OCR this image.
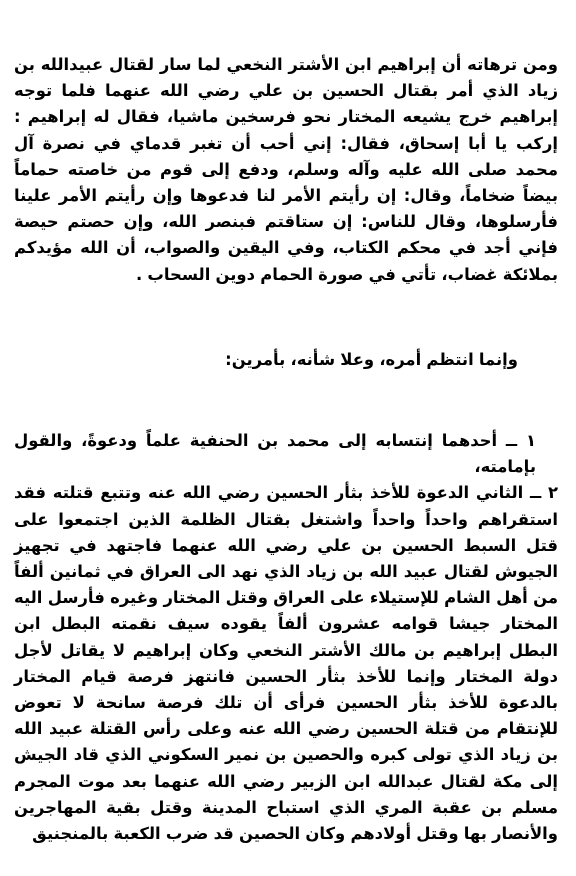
ومن ترهاته أن إبراهيم ابن الأشتر النخعي لما سار لقتال عبيدالله بن زياد الذي أمر بقتال الحسين بن علي رضي الله عنهما فلما توجه إبراهيم خرج يشيعه المختار نحو فرسخين ماشيا، فقال له إبراهيم : إركب يا أبا إسحاق، فقال: إني أحب أن تغبر قدماي في نصرة آل محمد صلى الله عليه وآله وسلم، ودفع إلى قوم من خاصته حماماً بيضاً ضخاماً، وقال: إن رأيتم الأمر لنا فدعوها وإن رأيتم الأمر علينا فأرسلوها، وقال للناس: إن ستاقتم فبنصر الله، وإن حصتم حيصة فإني أجد في محكم الكتاب، وفي اليقين والصواب، أن الله مؤيدكم بملائكة غضاب، تأتي في صورة الحمام دوين السحاب .

وإنما انتظم أمره، وعلا شأنه، بأمرين:

١ ــ أحدهما إنتسابه إلى محمد بن الحنفية علماً ودعوةً، والقول بإمامته،

٢ ــ الثاني الدعوة للأخذ بثأر الحسين رضي الله عنه وتتبع قتلته فقد استقراهم واحداً واحداً واشتغل بقتال الظلمة الذين اجتمعوا على قتل السبط الحسين بن علي رضي الله عنهما فاجتهد في تجهيز الجيوش لقتال عبيد الله بن زياد الذي نهد الى العراق في ثمانين ألفاً من أهل الشام للإستيلاء على العراق وقتل المختار وغيره فأرسل اليه المختار جيشا قوامه عشرون ألفاً يقوده سيف نقمته البطل ابن البطل إبراهيم بن مالك الأشتر النخعي وكان إبراهيم لا يقاتل لأجل دولة المختار وإنما للأخذ بثأر الحسين فانتهز فرصة قيام المختار بالدعوة للأخذ بثأر الحسين فرأى أن تلك فرصة سانحة لا تعوض للإنتقام من قتلة الحسين رضي الله عنه وعلى رأس القتلة عبيد الله بن زياد الذي تولى كبره والحصين بن نمير السكوني الذي قاد الجيش إلى مكة لقتال عبدالله ابن الزبير رضي الله عنهما بعد موت المجرم مسلم بن عقبة المري الذي استباح المدينة وقتل بقية المهاجرين والأنصار بها وقتل أولادهم وكان الحصين قد ضرب الكعبة بالمنجنيق
